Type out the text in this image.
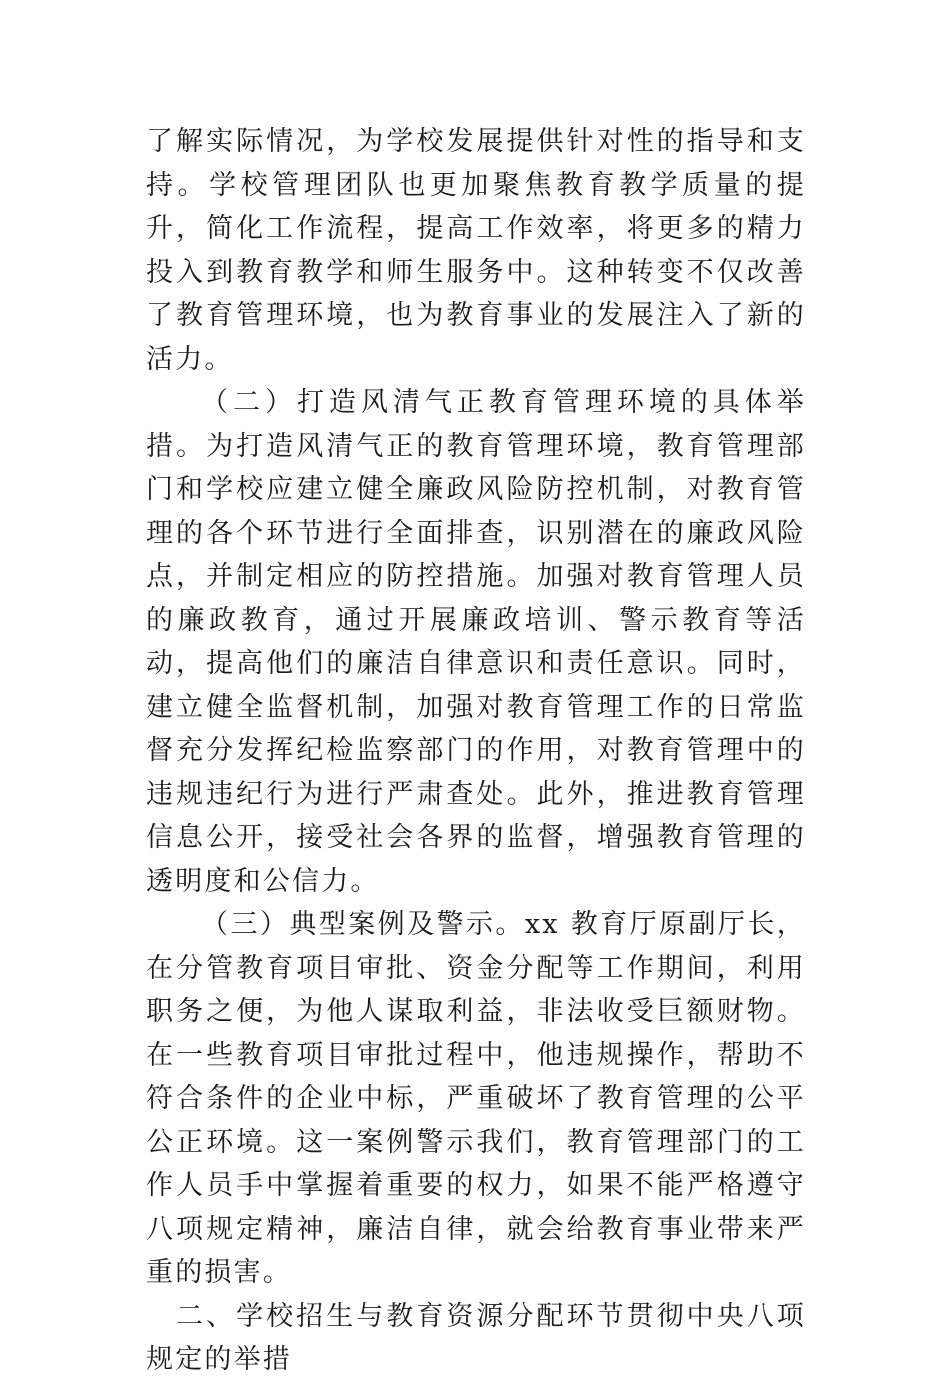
了解实际情况，为学校发展提供针对性的指导和支持。学校管理团队也更加聚焦教育教学质量的提升，简化工作流程，提高工作效率，将更多的精力投入到教育教学和师生服务中。这种转变不仅改善了教育管理环境，也为教育事业的发展注入了新的活力。

（二）打造风清气正教育管理环境的具体举措。为打造风清气正的教育管理环境，教育管理部门和学校应建立健全廉政风险防控机制，对教育管理的各个环节进行全面排查，识别潜在的廉政风险点，并制定相应的防控措施。加强对教育管理人员的廉政教育，通过开展廉政培训、警示教育等活动，提高他们的廉洁自律意识和责任意识。同时，建立健全监督机制，加强对教育管理工作的日常监督充分发挥纪检监察部门的作用，对教育管理中的违规违纪行为进行严肃查处。此外，推进教育管理信息公开，接受社会各界的监督，增强教育管理的透明度和公信力。

（三）典型案例及警示。xx 教育厅原副厅长，在分管教育项目审批、资金分配等工作期间，利用职务之便，为他人谋取利益，非法收受巨额财物。在一些教育项目审批过程中，他违规操作，帮助不符合条件的企业中标，严重破坏了教育管理的公平公正环境。这一案例警示我们，教育管理部门的工作人员手中掌握着重要的权力，如果不能严格遵守八项规定精神，廉洁自律，就会给教育事业带来严重的损害。

二、学校招生与教育资源分配环节贯彻中央八项规定的举措
